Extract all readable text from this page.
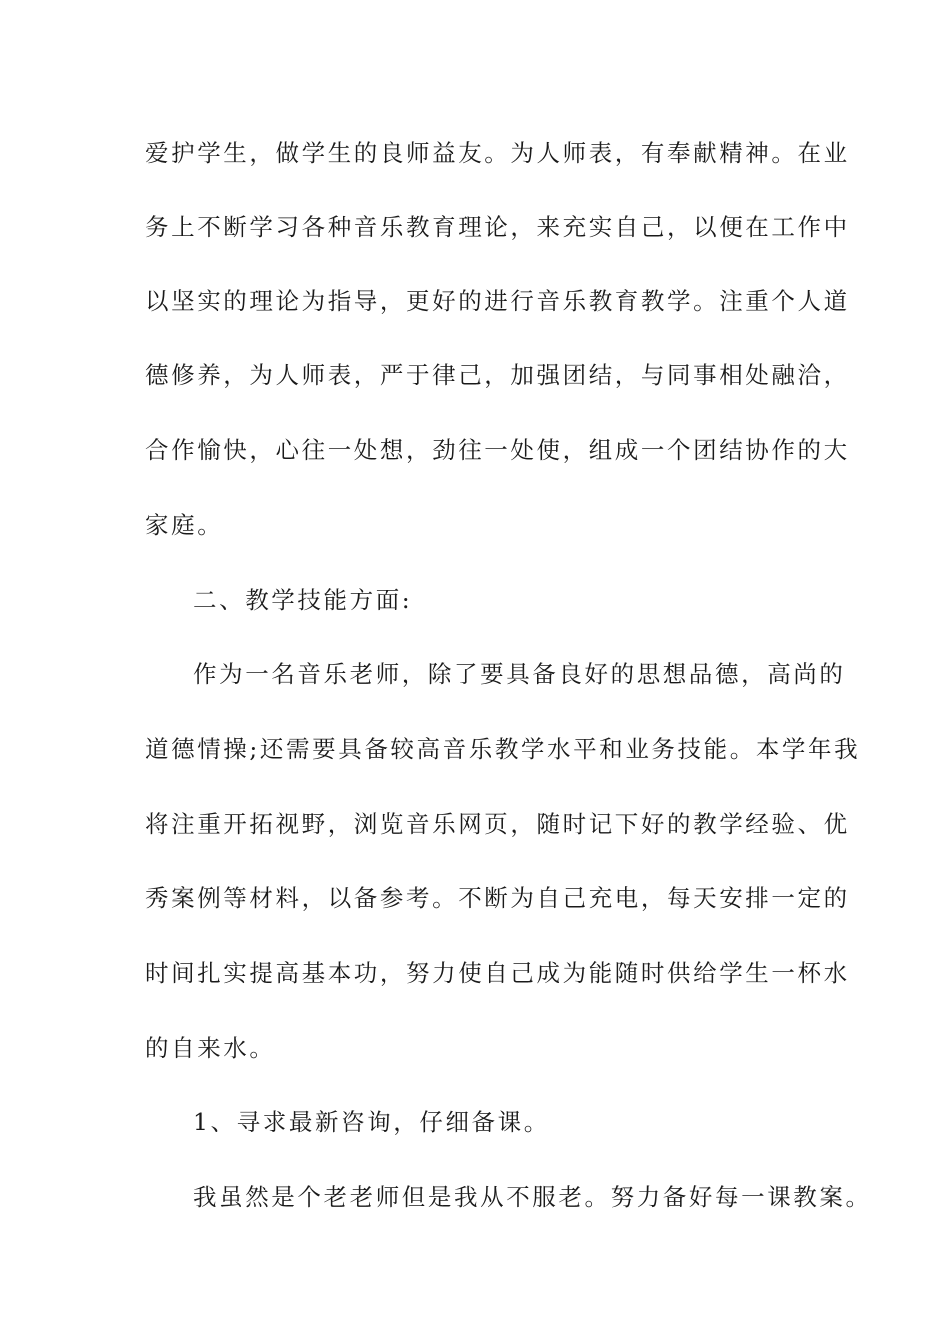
爱护学生，做学生的良师益友。为人师表，有奉献精神。在业
务上不断学习各种音乐教育理论，来充实自己，以便在工作中
以坚实的理论为指导，更好的进行音乐教育教学。注重个人道
德修养，为人师表，严于律己，加强团结，与同事相处融洽，
合作愉快，心往一处想，劲往一处使，组成一个团结协作的大
家庭。
二、教学技能方面:
作为一名音乐老师，除了要具备良好的思想品德，高尚的
道德情操;还需要具备较高音乐教学水平和业务技能。本学年我
将注重开拓视野，浏览音乐网页，随时记下好的教学经验、优
秀案例等材料，以备参考。不断为自己充电，每天安排一定的
时间扎实提高基本功，努力使自己成为能随时供给学生一杯水
的自来水。
1、寻求最新咨询，仔细备课。
我虽然是个老老师但是我从不服老。努力备好每一课教案。
